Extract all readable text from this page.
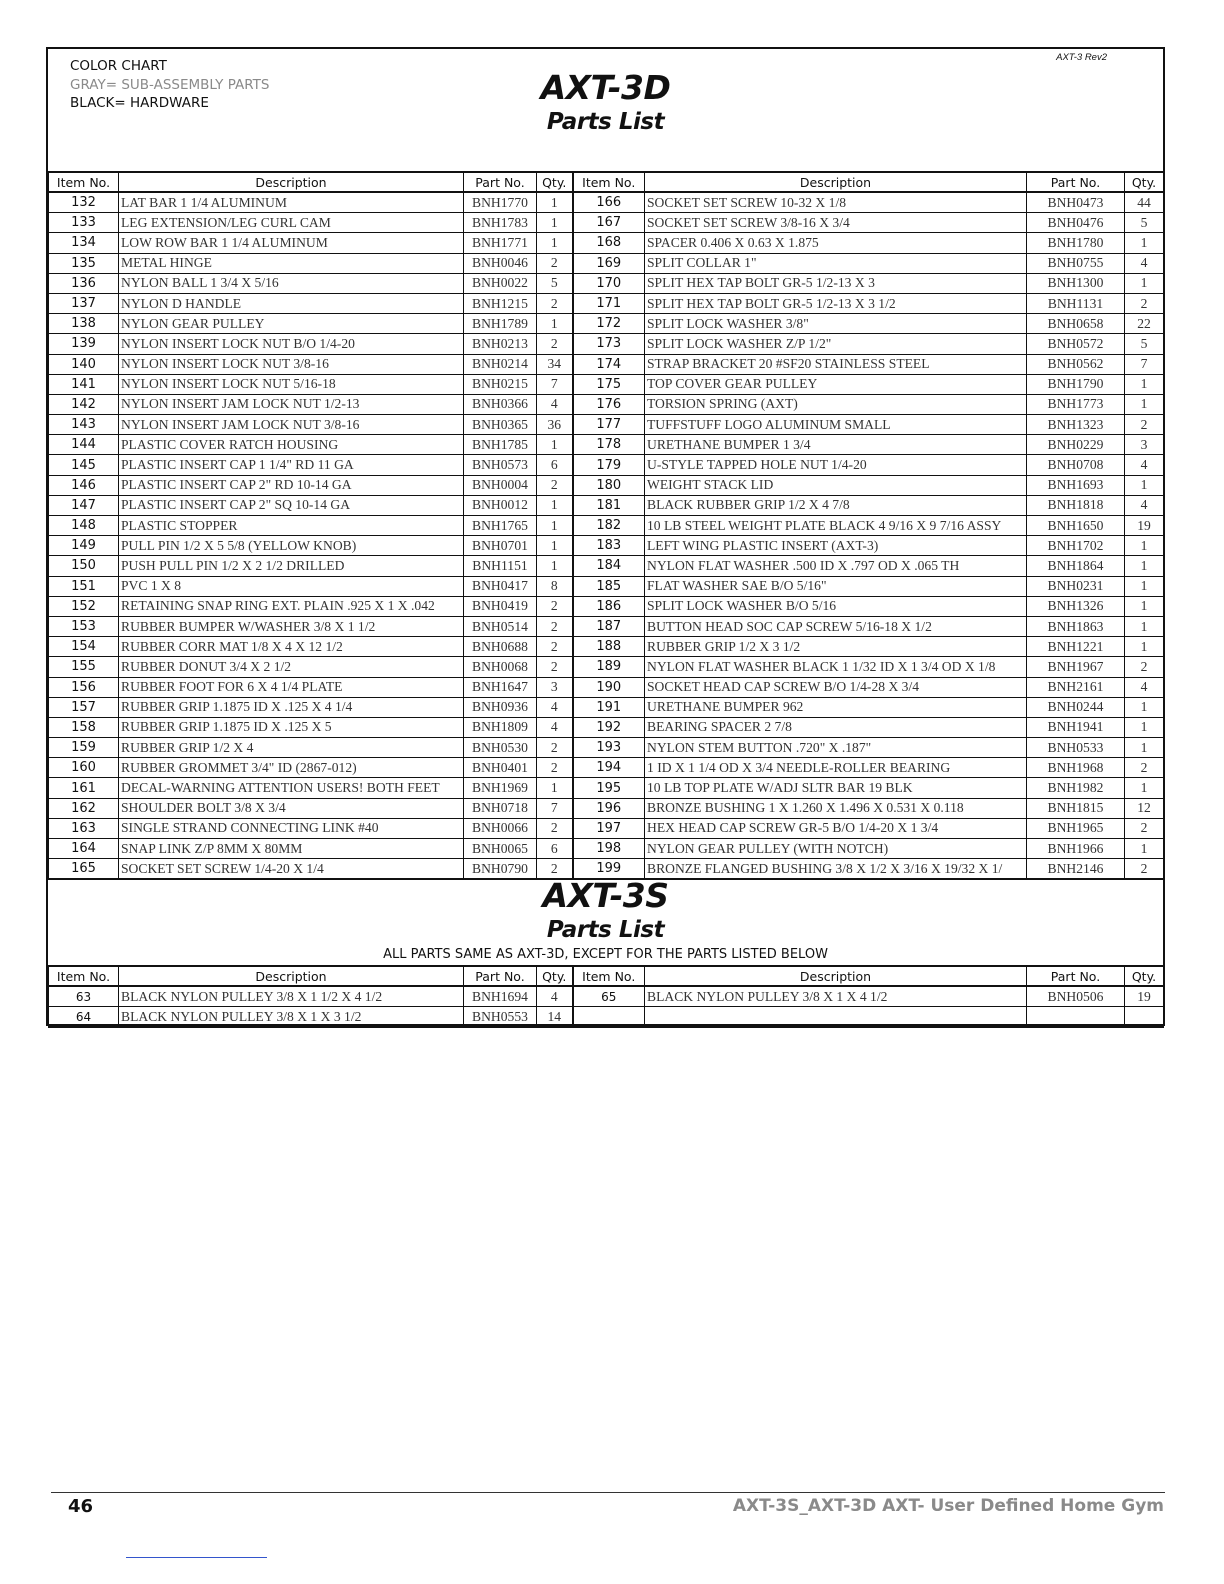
COLOR CHART
GRAY= SUB-ASSEMBLY PARTS
BLACK= HARDWARE
AXT-3 Rev2
AXT-3D
Parts List
Item No.	Description	Part No.	Qty.	Item No.	Description	Part No.	Qty.
132	LAT BAR 1 1/4 ALUMINUM	BNH1770	1	166	SOCKET SET SCREW 10-32 X 1/8	BNH0473	44
133	LEG EXTENSION/LEG CURL CAM	BNH1783	1	167	SOCKET SET SCREW 3/8-16 X 3/4	BNH0476	5
134	LOW ROW BAR 1 1/4 ALUMINUM	BNH1771	1	168	SPACER 0.406 X 0.63 X 1.875	BNH1780	1
135	METAL HINGE	BNH0046	2	169	SPLIT COLLAR 1"	BNH0755	4
136	NYLON BALL 1 3/4 X 5/16	BNH0022	5	170	SPLIT HEX TAP BOLT GR-5 1/2-13 X 3	BNH1300	1
137	NYLON D HANDLE	BNH1215	2	171	SPLIT HEX TAP BOLT GR-5 1/2-13 X 3 1/2	BNH1131	2
138	NYLON GEAR PULLEY	BNH1789	1	172	SPLIT LOCK WASHER 3/8"	BNH0658	22
139	NYLON INSERT LOCK NUT B/O 1/4-20	BNH0213	2	173	SPLIT LOCK WASHER Z/P 1/2"	BNH0572	5
140	NYLON INSERT LOCK NUT 3/8-16	BNH0214	34	174	STRAP BRACKET 20 #SF20 STAINLESS STEEL	BNH0562	7
141	NYLON INSERT LOCK NUT 5/16-18	BNH0215	7	175	TOP COVER GEAR PULLEY	BNH1790	1
142	NYLON INSERT JAM LOCK NUT 1/2-13	BNH0366	4	176	TORSION SPRING (AXT)	BNH1773	1
143	NYLON INSERT JAM LOCK NUT 3/8-16	BNH0365	36	177	TUFFSTUFF LOGO ALUMINUM SMALL	BNH1323	2
144	PLASTIC COVER RATCH HOUSING	BNH1785	1	178	URETHANE BUMPER 1 3/4	BNH0229	3
145	PLASTIC INSERT CAP 1 1/4" RD 11 GA	BNH0573	6	179	U-STYLE TAPPED HOLE NUT 1/4-20	BNH0708	4
146	PLASTIC INSERT CAP 2" RD 10-14 GA	BNH0004	2	180	WEIGHT STACK LID	BNH1693	1
147	PLASTIC INSERT CAP 2" SQ 10-14 GA	BNH0012	1	181	BLACK RUBBER GRIP 1/2 X 4 7/8	BNH1818	4
148	PLASTIC STOPPER	BNH1765	1	182	10 LB STEEL WEIGHT PLATE BLACK 4 9/16 X 9 7/16 ASSY	BNH1650	19
149	PULL PIN 1/2 X 5 5/8 (YELLOW KNOB)	BNH0701	1	183	LEFT WING PLASTIC INSERT (AXT-3)	BNH1702	1
150	PUSH PULL PIN 1/2 X 2 1/2 DRILLED	BNH1151	1	184	NYLON FLAT WASHER .500 ID X .797 OD X .065 TH	BNH1864	1
151	PVC 1 X 8	BNH0417	8	185	FLAT WASHER SAE B/O 5/16"	BNH0231	1
152	RETAINING SNAP RING EXT. PLAIN .925 X 1 X .042	BNH0419	2	186	SPLIT LOCK WASHER B/O 5/16	BNH1326	1
153	RUBBER BUMPER W/WASHER 3/8 X 1 1/2	BNH0514	2	187	BUTTON HEAD SOC CAP SCREW 5/16-18 X 1/2	BNH1863	1
154	RUBBER CORR MAT 1/8 X 4 X 12 1/2	BNH0688	2	188	RUBBER GRIP 1/2 X 3 1/2	BNH1221	1
155	RUBBER DONUT 3/4 X 2 1/2	BNH0068	2	189	NYLON FLAT WASHER BLACK 1 1/32 ID X 1 3/4 OD X 1/8	BNH1967	2
156	RUBBER FOOT FOR 6 X 4 1/4 PLATE	BNH1647	3	190	SOCKET HEAD CAP SCREW B/O 1/4-28 X 3/4	BNH2161	4
157	RUBBER GRIP 1.1875 ID X .125 X 4 1/4	BNH0936	4	191	URETHANE BUMPER 962	BNH0244	1
158	RUBBER GRIP 1.1875 ID X .125 X 5	BNH1809	4	192	BEARING SPACER 2 7/8	BNH1941	1
159	RUBBER GRIP 1/2 X 4	BNH0530	2	193	NYLON STEM BUTTON .720" X .187"	BNH0533	1
160	RUBBER GROMMET 3/4" ID (2867-012)	BNH0401	2	194	1 ID X 1 1/4 OD X 3/4 NEEDLE-ROLLER BEARING	BNH1968	2
161	DECAL-WARNING ATTENTION USERS! BOTH FEET	BNH1969	1	195	10 LB TOP PLATE W/ADJ SLTR BAR 19 BLK	BNH1982	1
162	SHOULDER BOLT 3/8 X 3/4	BNH0718	7	196	BRONZE BUSHING 1 X 1.260 X 1.496 X 0.531 X 0.118	BNH1815	12
163	SINGLE STRAND CONNECTING LINK #40	BNH0066	2	197	HEX HEAD CAP SCREW GR-5 B/O 1/4-20 X 1 3/4	BNH1965	2
164	SNAP LINK Z/P 8MM X 80MM	BNH0065	6	198	NYLON GEAR PULLEY (WITH NOTCH)	BNH1966	1
165	SOCKET SET SCREW 1/4-20 X 1/4	BNH0790	2	199	BRONZE FLANGED BUSHING 3/8 X 1/2 X 3/16 X 19/32 X 1/	BNH2146	2
AXT-3S
Parts List
ALL PARTS SAME AS AXT-3D, EXCEPT FOR THE PARTS LISTED BELOW
Item No.	Description	Part No.	Qty.	Item No.	Description	Part No.	Qty.
63	BLACK NYLON PULLEY 3/8 X 1 1/2 X 4 1/2	BNH1694	4	65	BLACK NYLON PULLEY 3/8 X 1 X 4 1/2	BNH0506	19
64	BLACK NYLON PULLEY 3/8 X 1 X 3 1/2	BNH0553	14				
46	AXT-3S_AXT-3D AXT- User Defined Home Gym
